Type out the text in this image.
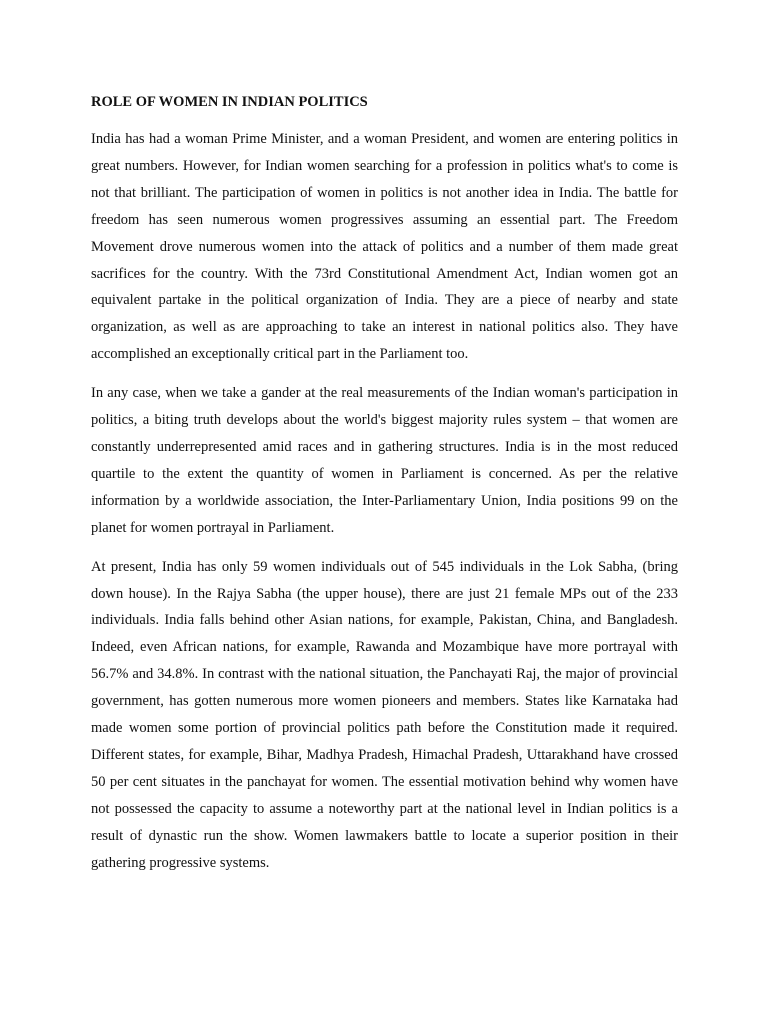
ROLE OF WOMEN IN INDIAN POLITICS

India has had a woman Prime Minister, and a woman President, and women are entering politics in great numbers. However, for Indian women searching for a profession in politics what's to come is not that brilliant. The participation of women in politics is not another idea in India. The battle for freedom has seen numerous women progressives assuming an essential part. The Freedom Movement drove numerous women into the attack of politics and a number of them made great sacrifices for the country. With the 73rd Constitutional Amendment Act, Indian women got an equivalent partake in the political organization of India. They are a piece of nearby and state organization, as well as are approaching to take an interest in national politics also. They have accomplished an exceptionally critical part in the Parliament too.

In any case, when we take a gander at the real measurements of the Indian woman's participation in politics, a biting truth develops about the world's biggest majority rules system – that women are constantly underrepresented amid races and in gathering structures. India is in the most reduced quartile to the extent the quantity of women in Parliament is concerned. As per the relative information by a worldwide association, the Inter-Parliamentary Union, India positions 99 on the planet for women portrayal in Parliament.

At present, India has only 59 women individuals out of 545 individuals in the Lok Sabha, (bring down house). In the Rajya Sabha (the upper house), there are just 21 female MPs out of the 233 individuals. India falls behind other Asian nations, for example, Pakistan, China, and Bangladesh. Indeed, even African nations, for example, Rawanda and Mozambique have more portrayal with 56.7% and 34.8%. In contrast with the national situation, the Panchayati Raj, the major of provincial government, has gotten numerous more women pioneers and members. States like Karnataka had made women some portion of provincial politics path before the Constitution made it required. Different states, for example, Bihar, Madhya Pradesh, Himachal Pradesh, Uttarakhand have crossed 50 per cent situates in the panchayat for women. The essential motivation behind why women have not possessed the capacity to assume a noteworthy part at the national level in Indian politics is a result of dynastic run the show. Women lawmakers battle to locate a superior position in their gathering progressive systems.
